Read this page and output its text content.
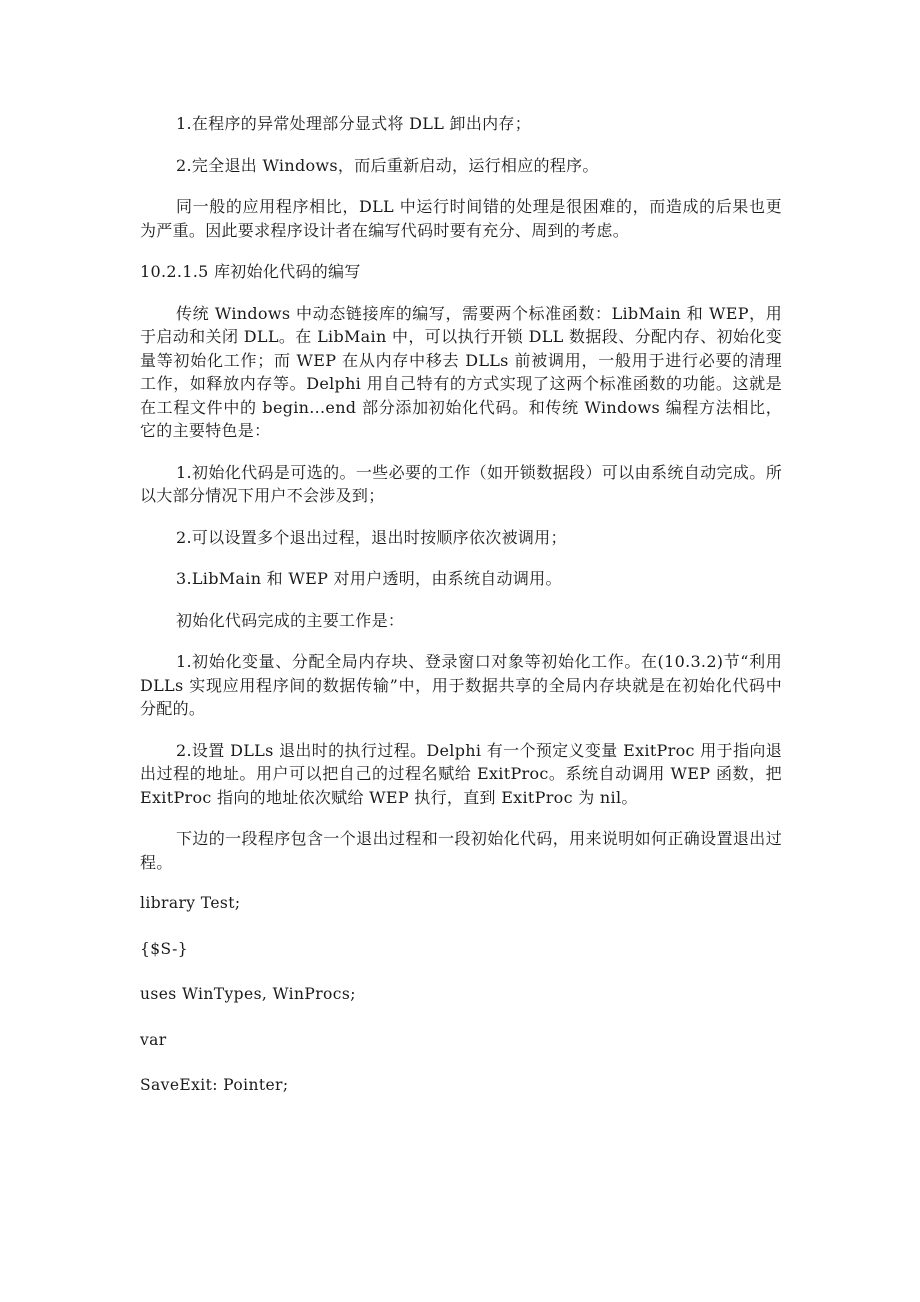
1.在程序的异常处理部分显式将 DLL 卸出内存；

2.完全退出 Windows，而后重新启动，运行相应的程序。

同一般的应用程序相比，DLL 中运行时间错的处理是很困难的，而造成的后果也更为严重。因此要求程序设计者在编写代码时要有充分、周到的考虑。

10.2.1.5 库初始化代码的编写

传统 Windows 中动态链接库的编写，需要两个标准函数：LibMain 和 WEP，用于启动和关闭 DLL。在 LibMain 中，可以执行开锁 DLL 数据段、分配内存、初始化变量等初始化工作；而 WEP 在从内存中移去 DLLs 前被调用，一般用于进行必要的清理工作，如释放内存等。Delphi 用自己特有的方式实现了这两个标准函数的功能。这就是在工程文件中的 begin...end 部分添加初始化代码。和传统 Windows 编程方法相比，它的主要特色是：

1.初始化代码是可选的。一些必要的工作（如开锁数据段）可以由系统自动完成。所以大部分情况下用户不会涉及到；

2.可以设置多个退出过程，退出时按顺序依次被调用；

3.LibMain 和 WEP 对用户透明，由系统自动调用。

初始化代码完成的主要工作是：

1.初始化变量、分配全局内存块、登录窗口对象等初始化工作。在(10.3.2)节“利用 DLLs 实现应用程序间的数据传输”中，用于数据共享的全局内存块就是在初始化代码中分配的。

2.设置 DLLs 退出时的执行过程。Delphi 有一个预定义变量 ExitProc 用于指向退出过程的地址。用户可以把自己的过程名赋给 ExitProc。系统自动调用 WEP 函数，把 ExitProc 指向的地址依次赋给 WEP 执行，直到 ExitProc 为 nil。

下边的一段程序包含一个退出过程和一段初始化代码，用来说明如何正确设置退出过程。

library Test;
{$S-}
uses WinTypes, WinProcs;
var
SaveExit: Pointer;
